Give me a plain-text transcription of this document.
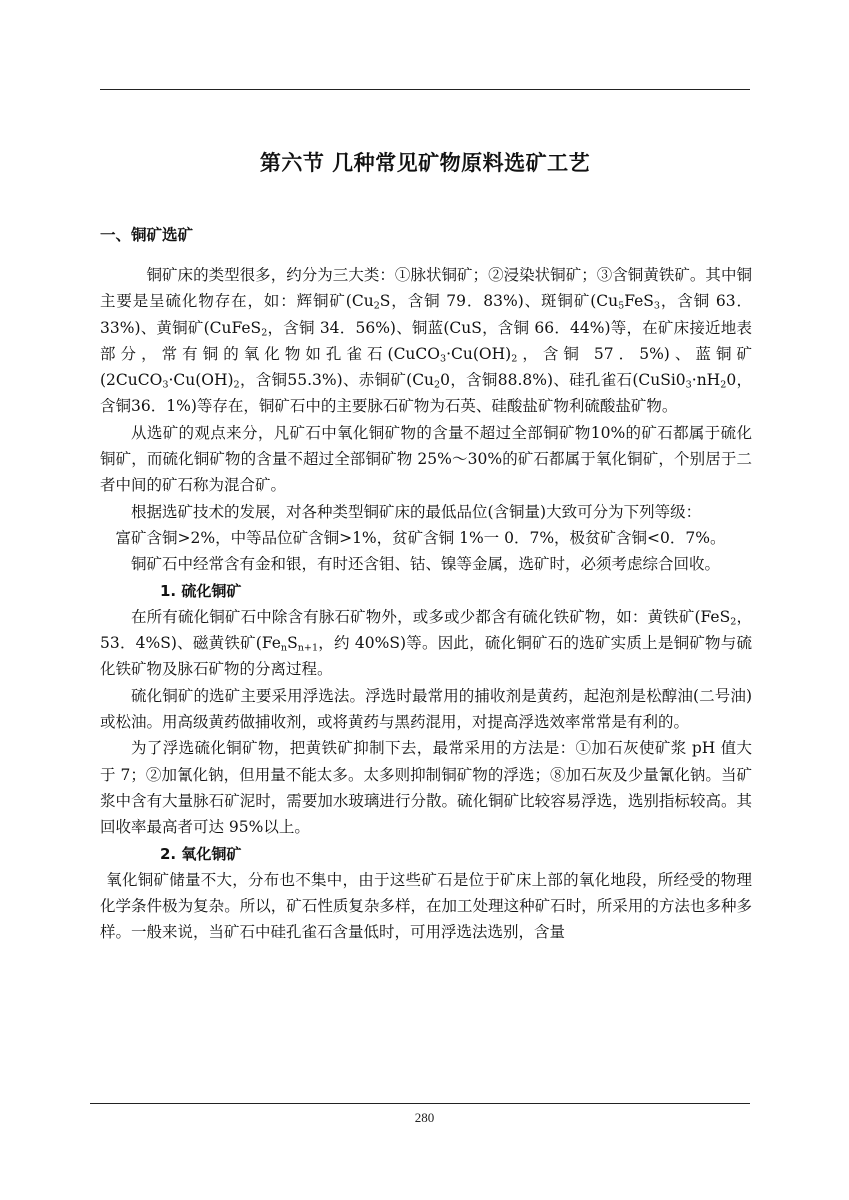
第六节 几种常见矿物原料选矿工艺
一、铜矿选矿

铜矿床的类型很多，约分为三大类：①脉状铜矿；②浸染状铜矿；③含铜黄铁矿。其中铜主要是呈硫化物存在，如：辉铜矿($Cu_2S$，含铜 79．83%)、斑铜矿($Cu_5FeS_3$，含铜 63．33%)、黄铜矿(CuFeS$_2$，含铜 34．56%)、铜蓝(CuS，含铜 66．44%)等，在矿床接近地表部分，常有铜的氧化物如孔雀石($CuCO_3\cdot Cu(OH)_2$，含铜 57．5%)、蓝铜矿($2CuCO_3\cdot Cu(OH)_2$，含铜55.3%)、赤铜矿($Cu_20$，含铜88.8%)、硅孔雀石($CuSi0_3\cdot nH_20$，含铜36．1%)等存在，铜矿石中的主要脉石矿物为石英、硅酸盐矿物利硫酸盐矿物。

从选矿的观点来分，凡矿石中氧化铜矿物的含量不超过全部铜矿物10%的矿石都属于硫化铜矿，而硫化铜矿物的含量不超过全部铜矿物 25%～30%的矿石都属于氧化铜矿，个别居于二者中间的矿石称为混合矿。

根据选矿技术的发展，对各种类型铜矿床的最低品位(含铜量)大致可分为下列等级：

富矿含铜>2%，中等品位矿含铜>1%，贫矿含铜 1%一 0．7%，极贫矿含铜<0．7%。

铜矿石中经常含有金和银，有时还含钼、钴、镍等金属，选矿时，必须考虑综合回收。

1. 硫化铜矿

在所有硫化铜矿石中除含有脉石矿物外，或多或少都含有硫化铁矿物，如：黄铁矿(FeS$_2$，53．4%S)、磁黄铁矿($Fe_nS_{n+1}$，约 40%S)等。因此，硫化铜矿石的选矿实质上是铜矿物与硫化铁矿物及脉石矿物的分离过程。

硫化铜矿的选矿主要采用浮选法。浮选时最常用的捕收剂是黄药，起泡剂是松醇油(二号油)或松油。用高级黄药做捕收剂，或将黄药与黑药混用，对提高浮选效率常常是有利的。

为了浮选硫化铜矿物，把黄铁矿抑制下去，最常采用的方法是：①加石灰使矿浆 pH 值大于 7；②加氰化钠，但用量不能太多。太多则抑制铜矿物的浮选；⑧加石灰及少量氰化钠。当矿浆中含有大量脉石矿泥时，需要加水玻璃进行分散。硫化铜矿比较容易浮选，选别指标较高。其回收率最高者可达 95%以上。

2. 氧化铜矿

氧化铜矿储量不大，分布也不集中，由于这些矿石是位于矿床上部的氧化地段，所经受的物理化学条件极为复杂。所以，矿石性质复杂多样，在加工处理这种矿石时，所采用的方法也多种多样。一般来说，当矿石中硅孔雀石含量低时，可用浮选法选别，含量

280
